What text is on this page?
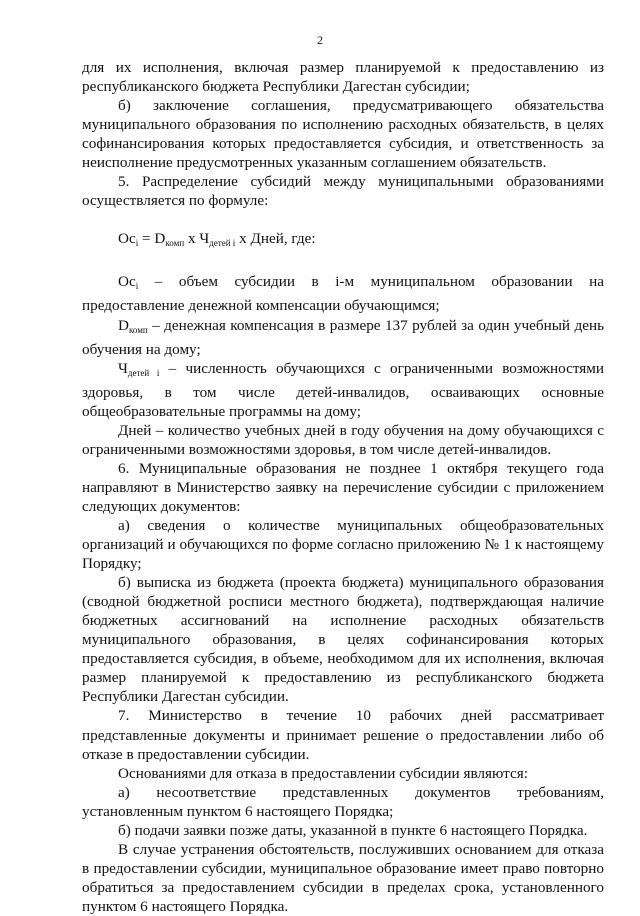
2

для их исполнения, включая размер планируемой к предоставлению из республиканского бюджета Республики Дагестан субсидии;

б) заключение соглашения, предусматривающего обязательства муниципального образования по исполнению расходных обязательств, в целях софинансирования которых предоставляется субсидия, и ответственность за неисполнение предусмотренных указанным соглашением обязательств.

5. Распределение субсидий между муниципальными образованиями осуществляется по формуле:

$Ос_i = D_{комп}$ x $Ч_{детей i}$ x Дней, где:

$Ос_i$ – объем субсидии в i-м муниципальном образовании на предоставление денежной компенсации обучающимся;

$D_{комп}$ – денежная компенсация в размере 137 рублей за один учебный день обучения на дому;

$Ч_{детей i}$ – численность обучающихся с ограниченными возможностями здоровья, в том числе детей-инвалидов, осваивающих основные общеобразовательные программы на дому;

Дней – количество учебных дней в году обучения на дому обучающихся с ограниченными возможностями здоровья, в том числе детей-инвалидов.

6. Муниципальные образования не позднее 1 октября текущего года направляют в Министерство заявку на перечисление субсидии с приложением следующих документов:

а) сведения о количестве муниципальных общеобразовательных организаций и обучающихся по форме согласно приложению № 1 к настоящему Порядку;

б) выписка из бюджета (проекта бюджета) муниципального образования (сводной бюджетной росписи местного бюджета), подтверждающая наличие бюджетных ассигнований на исполнение расходных обязательств муниципального образования, в целях софинансирования которых предоставляется субсидия, в объеме, необходимом для их исполнения, включая размер планируемой к предоставлению из республиканского бюджета Республики Дагестан субсидии.

7. Министерство в течение 10 рабочих дней рассматривает представленные документы и принимает решение о предоставлении либо об отказе в предоставлении субсидии.

Основаниями для отказа в предоставлении субсидии являются:

а) несоответствие представленных документов требованиям, установленным пунктом 6 настоящего Порядка;

б) подачи заявки позже даты, указанной в пункте 6 настоящего Порядка.

В случае устранения обстоятельств, послуживших основанием для отказа в предоставлении субсидии, муниципальное образование имеет право повторно обратиться за предоставлением субсидии в пределах срока, установленного пунктом 6 настоящего Порядка.
